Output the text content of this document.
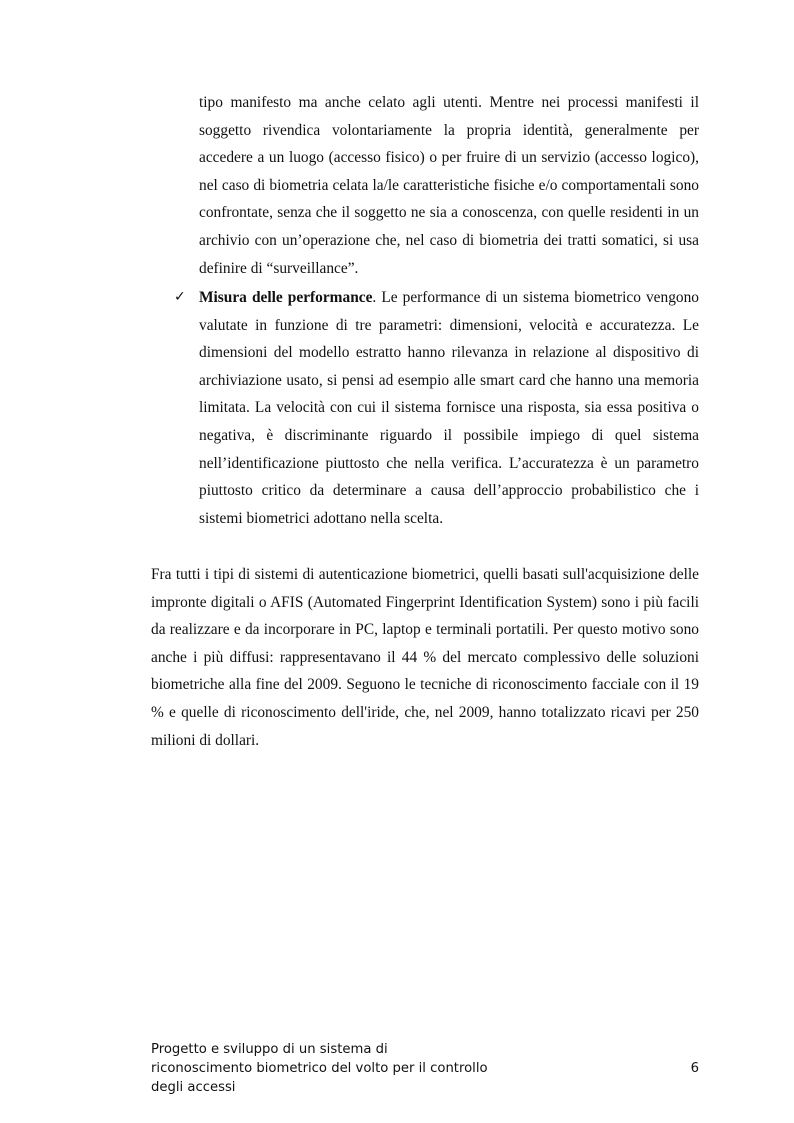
tipo manifesto ma anche celato agli utenti. Mentre nei processi manifesti il soggetto rivendica volontariamente la propria identità, generalmente per accedere a un luogo (accesso fisico) o per fruire di un servizio (accesso logico), nel caso di biometria celata la/le caratteristiche fisiche e/o comportamentali sono confrontate, senza che il soggetto ne sia a conoscenza, con quelle residenti in un archivio con un’operazione che, nel caso di biometria dei tratti somatici, si usa definire di “surveillance”.

✓ Misura delle performance. Le performance di un sistema biometrico vengono valutate in funzione di tre parametri: dimensioni, velocità e accuratezza. Le dimensioni del modello estratto hanno rilevanza in relazione al dispositivo di archiviazione usato, si pensi ad esempio alle smart card che hanno una memoria limitata. La velocità con cui il sistema fornisce una risposta, sia essa positiva o negativa, è discriminante riguardo il possibile impiego di quel sistema nell’identificazione piuttosto che nella verifica. L’accuratezza è un parametro piuttosto critico da determinare a causa dell’approccio probabilistico che i sistemi biometrici adottano nella scelta.

Fra tutti i tipi di sistemi di autenticazione biometrici, quelli basati sull'acquisizione delle impronte digitali o AFIS (Automated Fingerprint Identification System) sono i più facili da realizzare e da incorporare in PC, laptop e terminali portatili. Per questo motivo sono anche i più diffusi: rappresentavano il 44 % del mercato complessivo delle soluzioni biometriche alla fine del 2009. Seguono le tecniche di riconoscimento facciale con il 19 % e quelle di riconoscimento dell'iride, che, nel 2009, hanno totalizzato ricavi per 250 milioni di dollari.

Progetto e sviluppo di un sistema di riconoscimento biometrico del volto per il controllo degli accessi
6
